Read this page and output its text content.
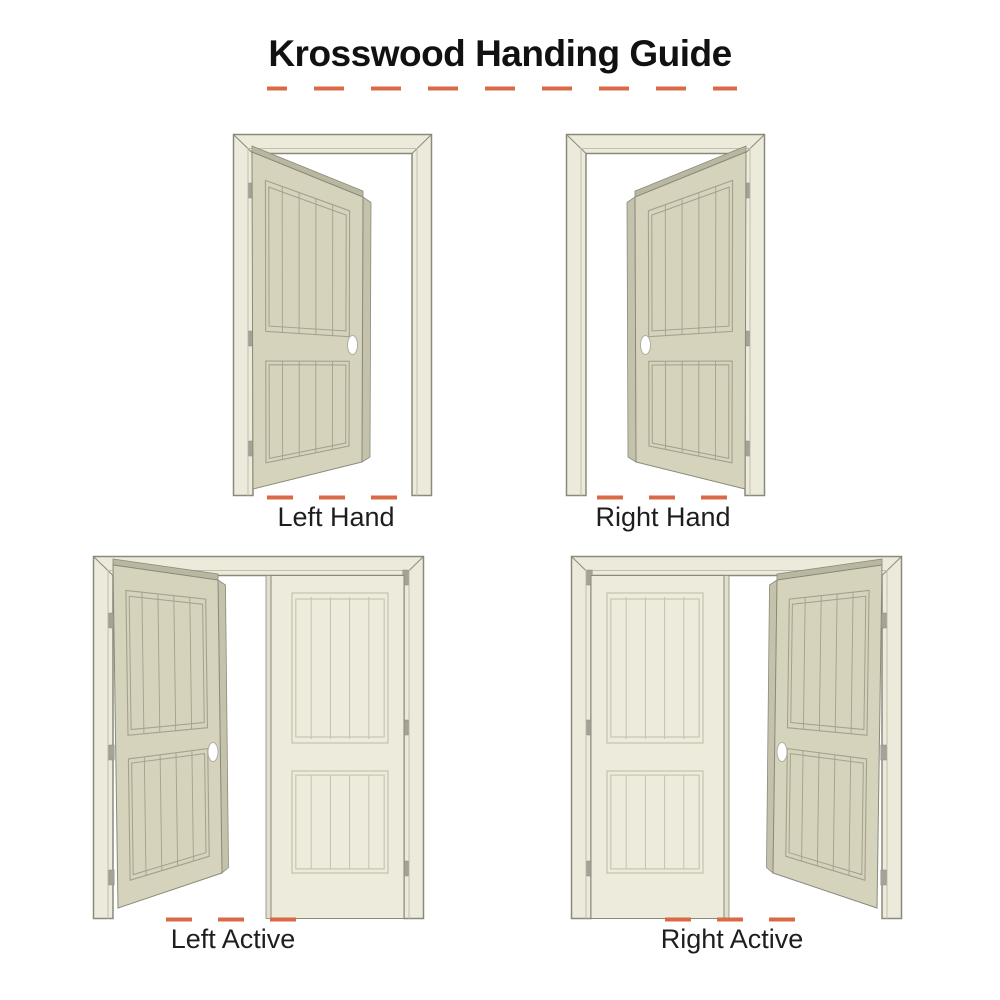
Krosswood Handing Guide
Left Hand	Right Hand
Left Active	Right Active
